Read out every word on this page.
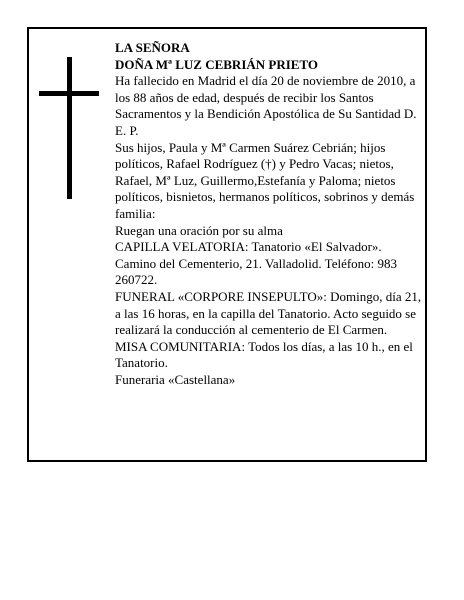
LA SEÑORA

DOÑA Mª LUZ CEBRIÁN PRIETO

Ha fallecido en Madrid el día 20 de noviembre de 2010, a los 88 años de edad, después de recibir los Santos Sacramentos y la Bendición Apostólica de Su Santidad D. E. P.

Sus hijos, Paula y Mª Carmen Suárez Cebrián; hijos políticos, Rafael Rodríguez (†) y Pedro Vacas; nietos, Rafael, Mª Luz, Guillermo,Estefanía y Paloma; nietos políticos, bisnietos, hermanos políticos, sobrinos y demás familia:

Ruegan una oración por su alma

CAPILLA VELATORIA: Tanatorio «El Salvador». Camino del Cementerio, 21. Valladolid. Teléfono: 983 260722.

FUNERAL «CORPORE INSEPULTO»: Domingo, día 21, a las 16 horas, en la capilla del Tanatorio. Acto seguido se realizará la conducción al cementerio de El Carmen.

MISA COMUNITARIA: Todos los días, a las 10 h., en el Tanatorio.

Funeraria «Castellana»
